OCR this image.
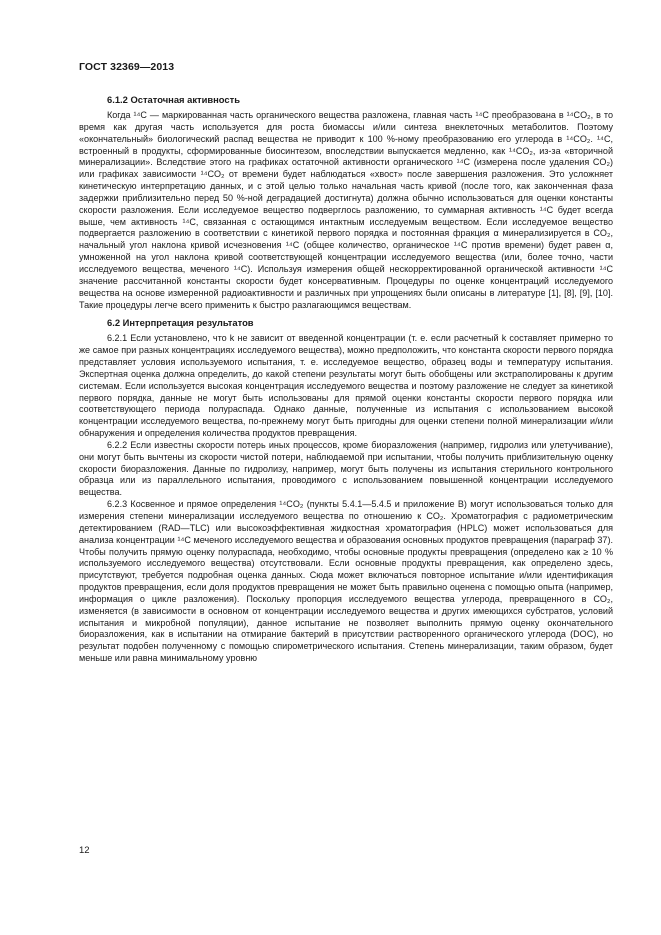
ГОСТ 32369—2013
6.1.2 Остаточная активность

Когда ¹⁴C — маркированная часть органического вещества разложена, главная часть ¹⁴C преобразована в ¹⁴CO₂, в то время как другая часть используется для роста биомассы и/или синтеза внеклеточных метаболитов. Поэтому «окончательный» биологический распад вещества не приводит к 100 %-ному преобразованию его углерода в ¹⁴CO₂. ¹⁴C, встроенный в продукты, сформированные биосинтезом, впоследствии выпускается медленно, как ¹⁴CO₂, из-за «вторичной минерализации». Вследствие этого на графиках остаточной активности органического ¹⁴C (измерена после удаления CO₂) или графиках зависимости ¹⁴CO₂ от времени будет наблюдаться «хвост» после завершения разложения. Это усложняет кинетическую интерпретацию данных, и с этой целью только начальная часть кривой (после того, как законченная фаза задержки приблизительно перед 50 %-ной деградацией достигнута) должна обычно использоваться для оценки константы скорости разложения. Если исследуемое вещество подверглось разложению, то суммарная активность ¹⁴C будет всегда выше, чем активность ¹⁴C, связанная с остающимся интактным исследуемым веществом. Если исследуемое вещество подвергается разложению в соответствии с кинетикой первого порядка и постоянная фракция α минерализируется в CO₂, начальный угол наклона кривой исчезновения ¹⁴C (общее количество, органическое ¹⁴C против времени) будет равен α, умноженной на угол наклона кривой соответствующей концентрации исследуемого вещества (или, более точно, части исследуемого вещества, меченого ¹⁴C). Используя измерения общей нескорректированной органической активности ¹⁴C значение рассчитанной константы скорости будет консервативным. Процедуры по оценке концентраций исследуемого вещества на основе измеренной радиоактивности и различных при упрощениях были описаны в литературе [1], [8], [9], [10]. Такие процедуры легче всего применить к быстро разлагающимся веществам.

6.2 Интерпретация результатов

6.2.1 Если установлено, что k не зависит от введенной концентрации (т. е. если расчетный k составляет примерно то же самое при разных концентрациях исследуемого вещества), можно предположить, что константа скорости первого порядка представляет условия используемого испытания, т. е. исследуемое вещество, образец воды и температуру испытания. Экспертная оценка должна определить, до какой степени результаты могут быть обобщены или экстраполированы к другим системам. Если используется высокая концентрация исследуемого вещества и поэтому разложение не следует за кинетикой первого порядка, данные не могут быть использованы для прямой оценки константы скорости первого порядка или соответствующего периода полураспада. Однако данные, полученные из испытания с использованием высокой концентрации исследуемого вещества, по-прежнему могут быть пригодны для оценки степени полной минерализации и/или обнаружения и определения количества продуктов превращения.

6.2.2 Если известны скорости потерь иных процессов, кроме биоразложения (например, гидролиз или улетучивание), они могут быть вычтены из скорости чистой потери, наблюдаемой при испытании, чтобы получить приблизительную оценку скорости биоразложения. Данные по гидролизу, например, могут быть получены из испытания стерильного контрольного образца или из параллельного испытания, проводимого с использованием повышенной концентрации исследуемого вещества.

6.2.3 Косвенное и прямое определения ¹⁴CO₂ (пункты 5.4.1—5.4.5 и приложение B) могут использоваться только для измерения степени минерализации исследуемого вещества по отношению к CO₂. Хроматография с радиометрическим детектированием (RAD—TLC) или высокоэффективная жидкостная хроматография (HPLC) может использоваться для анализа концентрации ¹⁴C меченого исследуемого вещества и образования основных продуктов превращения (параграф 37). Чтобы получить прямую оценку полураспада, необходимо, чтобы основные продукты превращения (определено как ≥ 10 % используемого исследуемого вещества) отсутствовали. Если основные продукты превращения, как определено здесь, присутствуют, требуется подробная оценка данных. Сюда может включаться повторное испытание и/или идентификация продуктов превращения, если доля продуктов превращения не может быть правильно оценена с помощью опыта (например, информация о цикле разложения). Поскольку пропорция исследуемого вещества углерода, превращенного в CO₂, изменяется (в зависимости в основном от концентрации исследуемого вещества и других имеющихся субстратов, условий испытания и микробной популяции), данное испытание не позволяет выполнить прямую оценку окончательного биоразложения, как в испытании на отмирание бактерий в присутствии растворенного органического углерода (DOC), но результат подобен полученному с помощью спирометрического испытания. Степень минерализации, таким образом, будет меньше или равна минимальному уровню

12
